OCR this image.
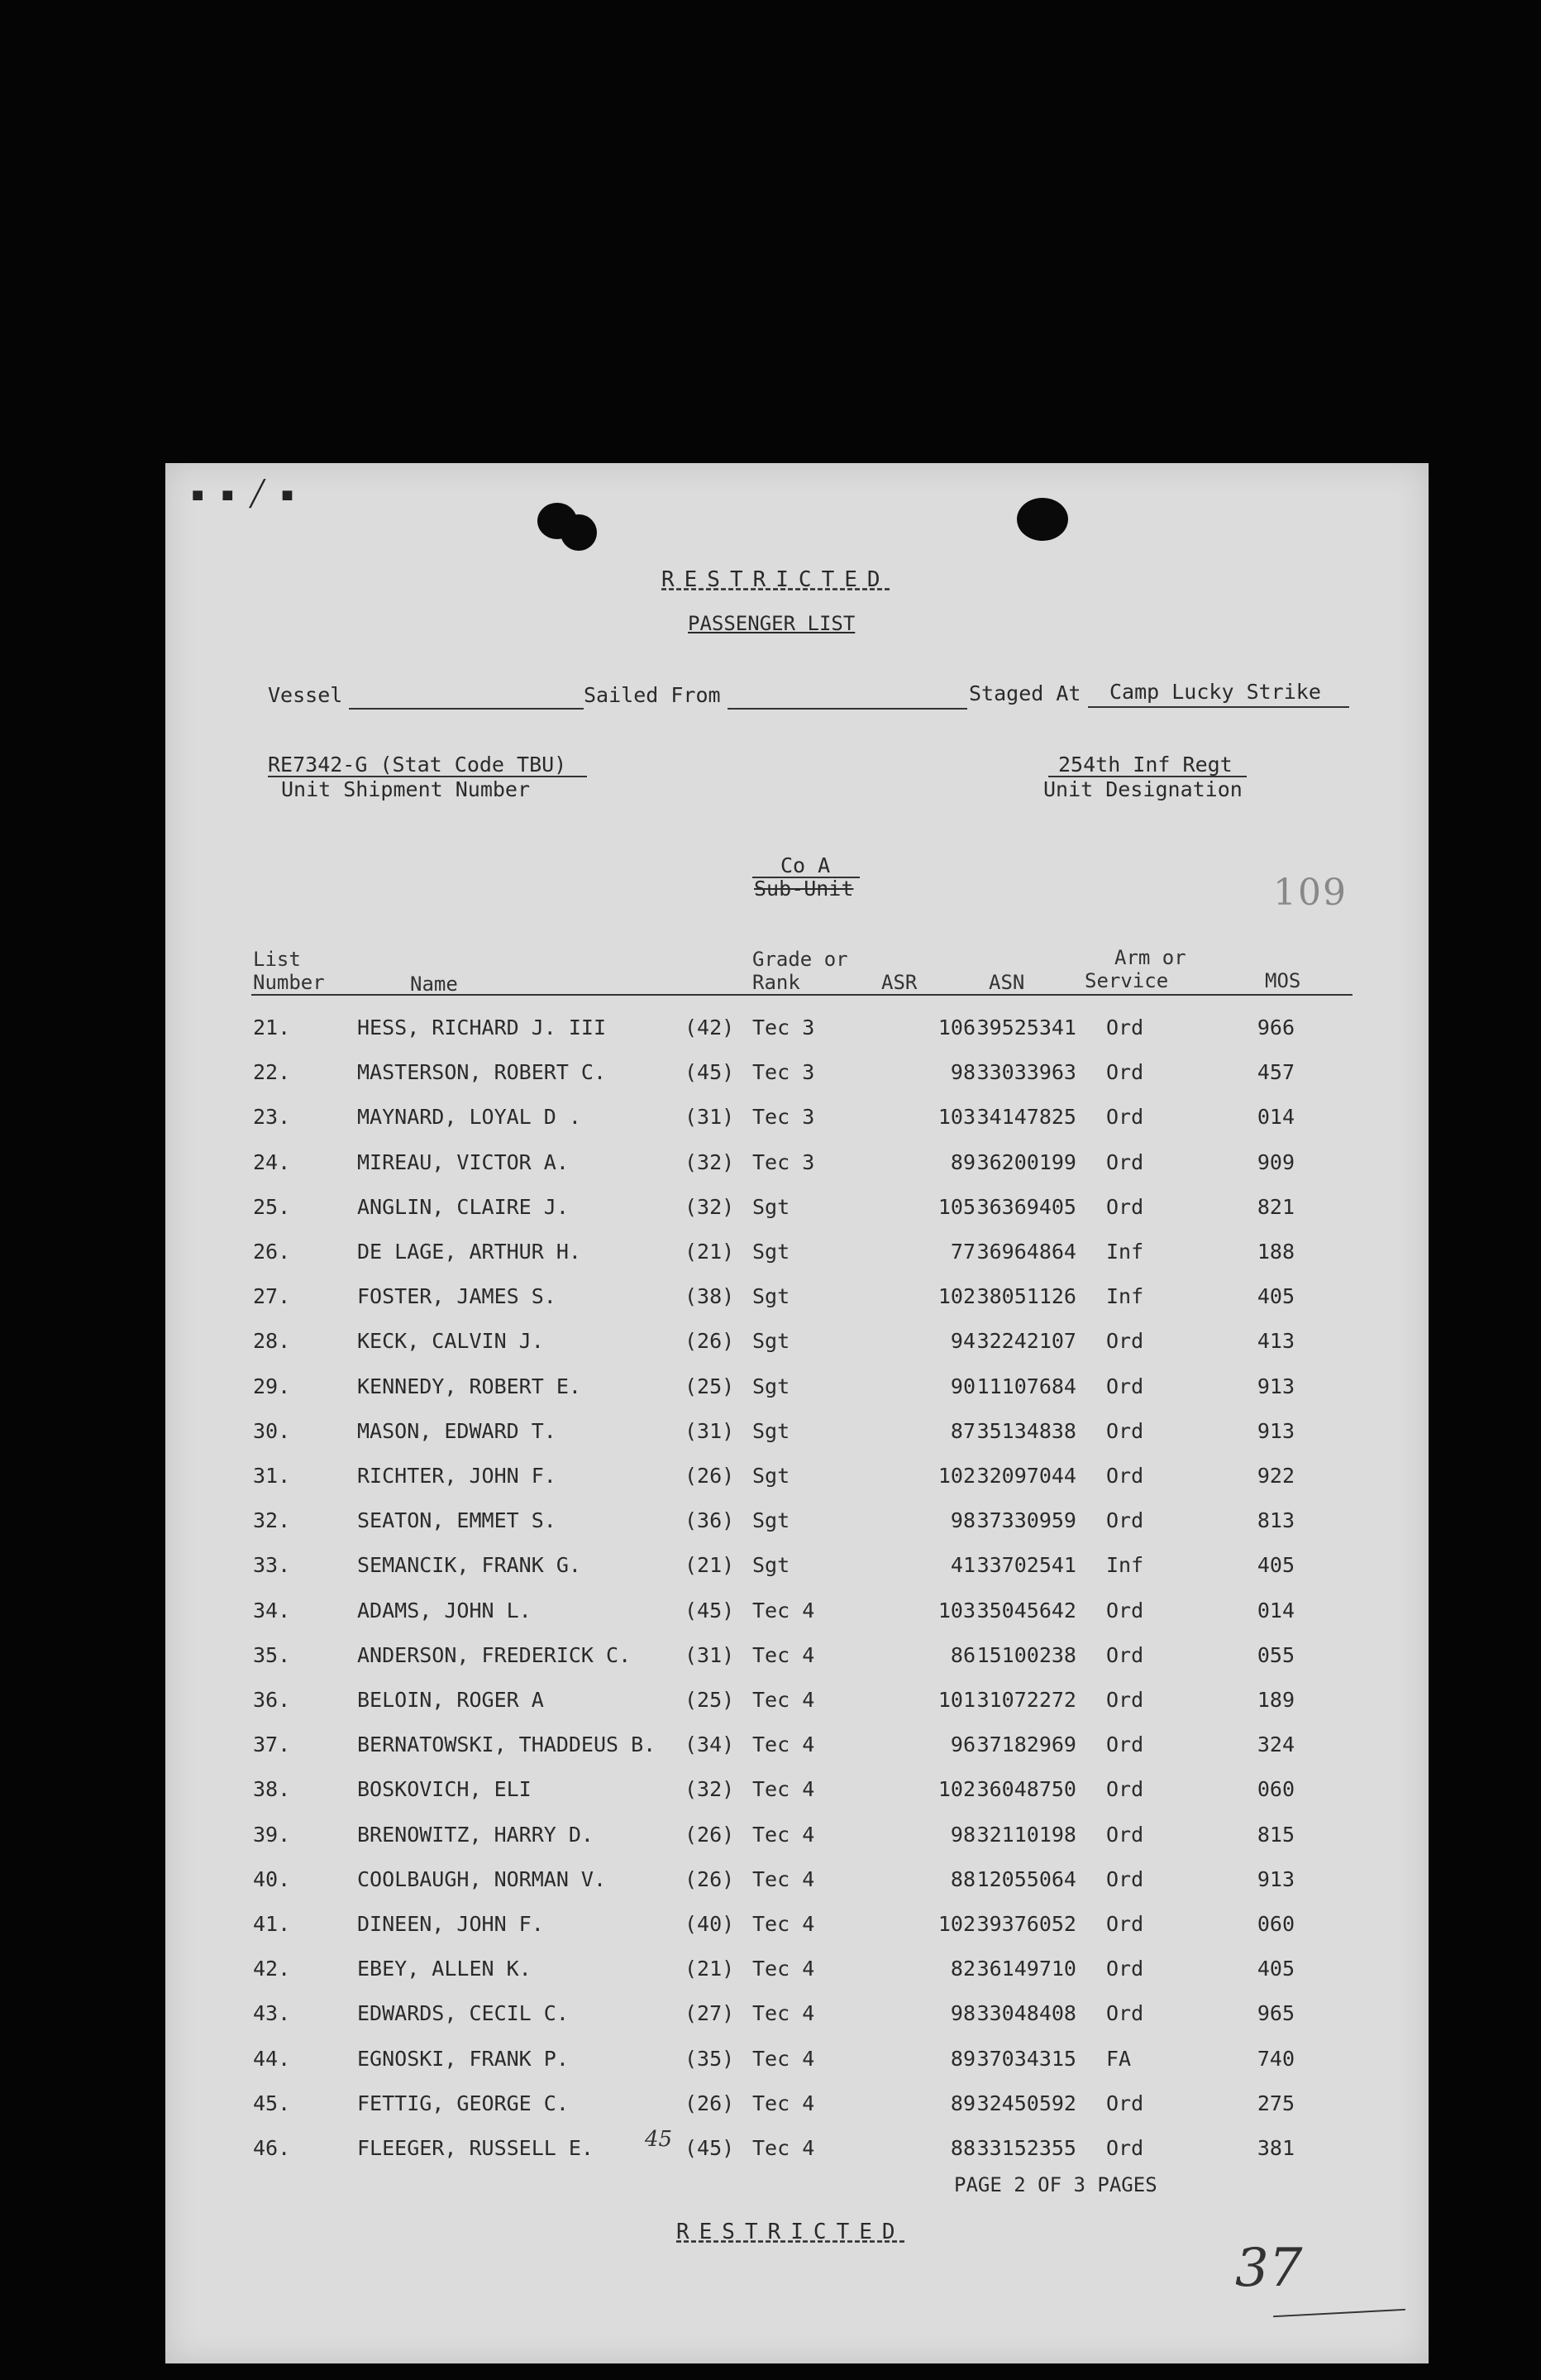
▪ ▪ ╱ ▪
RESTRICTED
PASSENGER LIST
Vessel	Sailed From	Staged At Camp Lucky Strike
RE7342-G (Stat Code TBU)
Unit Shipment Number
254th Inf Regt
Unit Designation
Co A
Sub-Unit	109
List
Number	Name
Grade or
Rank	ASR	ASN
Arm or
Service	MOS
21.	HESS, RICHARD J. III	(42) Tec 3	106 39525341 Ord	966
22.	MASTERSON, ROBERT C.	(45) Tec 3	98 33033963 Ord	457
23.	MAYNARD, LOYAL D .	(31) Tec 3	103 34147825 Ord	014
24.	MIREAU, VICTOR A.	(32) Tec 3	89 36200199 Ord	909
25.	ANGLIN, CLAIRE J.	(32) Sgt	105 36369405 Ord	821
26.	DE LAGE, ARTHUR H.	(21) Sgt	77 36964864 Inf	188
27.	FOSTER, JAMES S.	(38) Sgt	102 38051126 Inf	405
28.	KECK, CALVIN J.	(26) Sgt	94 32242107 Ord	413
29.	KENNEDY, ROBERT E.	(25) Sgt	90 11107684 Ord	913
30.	MASON, EDWARD T.	(31) Sgt	87 35134838 Ord	913
31.	RICHTER, JOHN F.	(26) Sgt	102 32097044 Ord	922
32.	SEATON, EMMET S.	(36) Sgt	98 37330959 Ord	813
33.	SEMANCIK, FRANK G.	(21) Sgt	41 33702541 Inf	405
34.	ADAMS, JOHN L.	(45) Tec 4	103 35045642 Ord	014
35.	ANDERSON, FREDERICK C.	(31) Tec 4	86 15100238 Ord	055
36.	BELOIN, ROGER A	(25) Tec 4	101 31072272 Ord	189
37.	BERNATOWSKI, THADDEUS B. (34) Tec 4	96 37182969 Ord	324
38.	BOSKOVICH, ELI	(32) Tec 4	102 36048750 Ord	060
39.	BRENOWITZ, HARRY D.	(26) Tec 4	98 32110198 Ord	815
40.	COOLBAUGH, NORMAN V.	(26) Tec 4	88 12055064 Ord	913
41.	DINEEN, JOHN F.	(40) Tec 4	102 39376052 Ord	060
42.	EBEY, ALLEN K.	(21) Tec 4	82 36149710 Ord	405
43.	EDWARDS, CECIL C.	(27) Tec 4	98 33048408 Ord	965
44.	EGNOSKI, FRANK P.	(35) Tec 4	89 37034315 FA	740
45.	FETTIG, GEORGE C.	(26) Tec 4	89 32450592 Ord	275
46.	FLEEGER, RUSSELL E.	(45) Tec 4	88 33152355 Ord	381
45
PAGE 2 OF 3 PAGES
RESTRICTED
37
